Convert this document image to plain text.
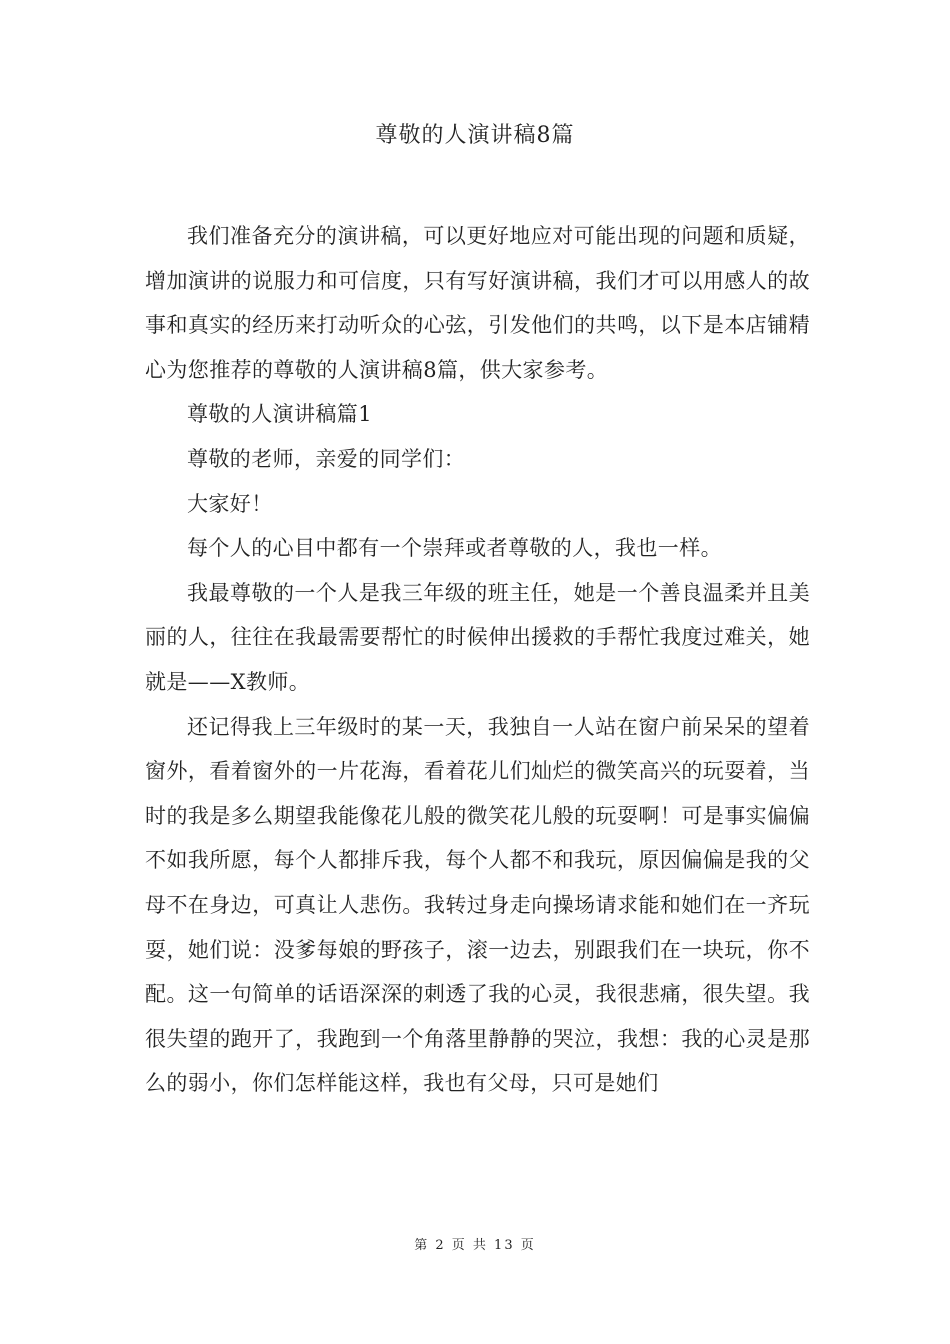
尊敬的人演讲稿8篇

我们准备充分的演讲稿，可以更好地应对可能出现的问题和质疑，增加演讲的说服力和可信度，只有写好演讲稿，我们才可以用感人的故事和真实的经历来打动听众的心弦，引发他们的共鸣，以下是本店铺精心为您推荐的尊敬的人演讲稿8篇，供大家参考。

尊敬的人演讲稿篇1

尊敬的老师，亲爱的同学们：

大家好！

每个人的心目中都有一个崇拜或者尊敬的人，我也一样。

我最尊敬的一个人是我三年级的班主任，她是一个善良温柔并且美丽的人，往往在我最需要帮忙的时候伸出援救的手帮忙我度过难关，她就是——X教师。

还记得我上三年级时的某一天，我独自一人站在窗户前呆呆的望着窗外，看着窗外的一片花海，看着花儿们灿烂的微笑高兴的玩耍着，当时的我是多么期望我能像花儿般的微笑花儿般的玩耍啊！可是事实偏偏不如我所愿，每个人都排斥我，每个人都不和我玩，原因偏偏是我的父母不在身边，可真让人悲伤。我转过身走向操场请求能和她们在一齐玩耍，她们说：没爹每娘的野孩子，滚一边去，别跟我们在一块玩，你不配。这一句简单的话语深深的刺透了我的心灵，我很悲痛，很失望。我很失望的跑开了，我跑到一个角落里静静的哭泣，我想：我的心灵是那么的弱小，你们怎样能这样，我也有父母，只可是她们

第 2 页 共 13 页
